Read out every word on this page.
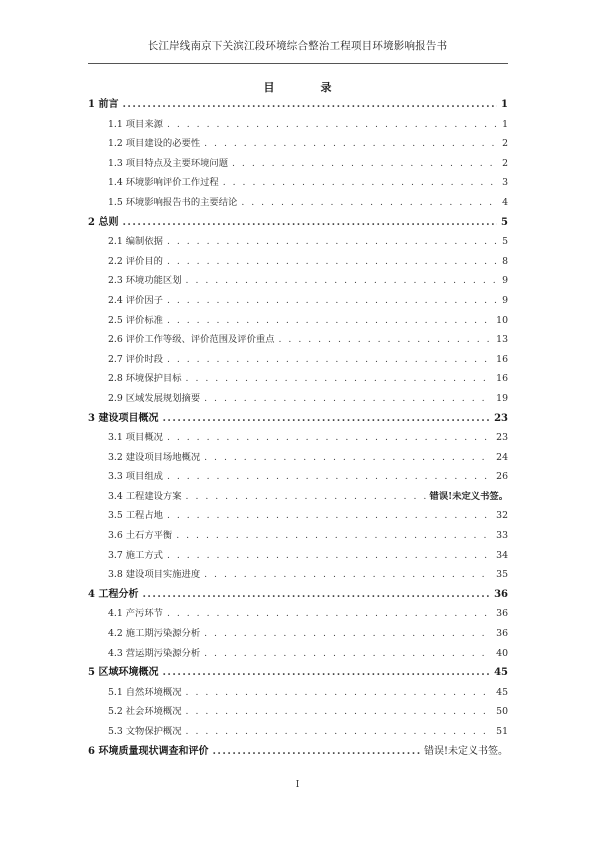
长江岸线南京下关滨江段环境综合整治工程项目环境影响报告书
目	录
1 前言 .....	1
1.1 项目来源 . . .	1
1.2 项目建设的必要性 . . .	2
1.3 项目特点及主要环境问题 . . .	2
1.4 环境影响评价工作过程 . . .	3
1.5 环境影响报告书的主要结论 . . .	4
2 总则 .....	5
2.1 编制依据 . . .	5
2.2 评价目的 . . .	8
2.3 环境功能区划 . . .	9
2.4 评价因子 . . .	9
2.5 评价标准 . . .	10
2.6 评价工作等级、评价范围及评价重点 . . .	13
2.7 评价时段 . . .	16
2.8 环境保护目标 . . .	16
2.9 区域发展规划摘要 . . .	19
3 建设项目概况 .....	23
3.1 项目概况 . . .	23
3.2 建设项目场地概况 . . .	24
3.3 项目组成 . . .	26
3.4 工程建设方案 . . .	错误!未定义书签。
3.5 工程占地 . . .	32
3.6 土石方平衡 . . .	33
3.7 施工方式 . . .	34
3.8 建设项目实施进度 . . .	35
4 工程分析 .....	36
4.1 产污环节 . . .	36
4.2 施工期污染源分析 . . .	36
4.3 营运期污染源分析 . . .	40
5 区域环境概况 .....	45
5.1 自然环境概况 . . .	45
5.2 社会环境概况 . . .	50
5.3 文物保护概况 . . .	51
6 环境质量现状调查和评价 .....	错误!未定义书签。
I
